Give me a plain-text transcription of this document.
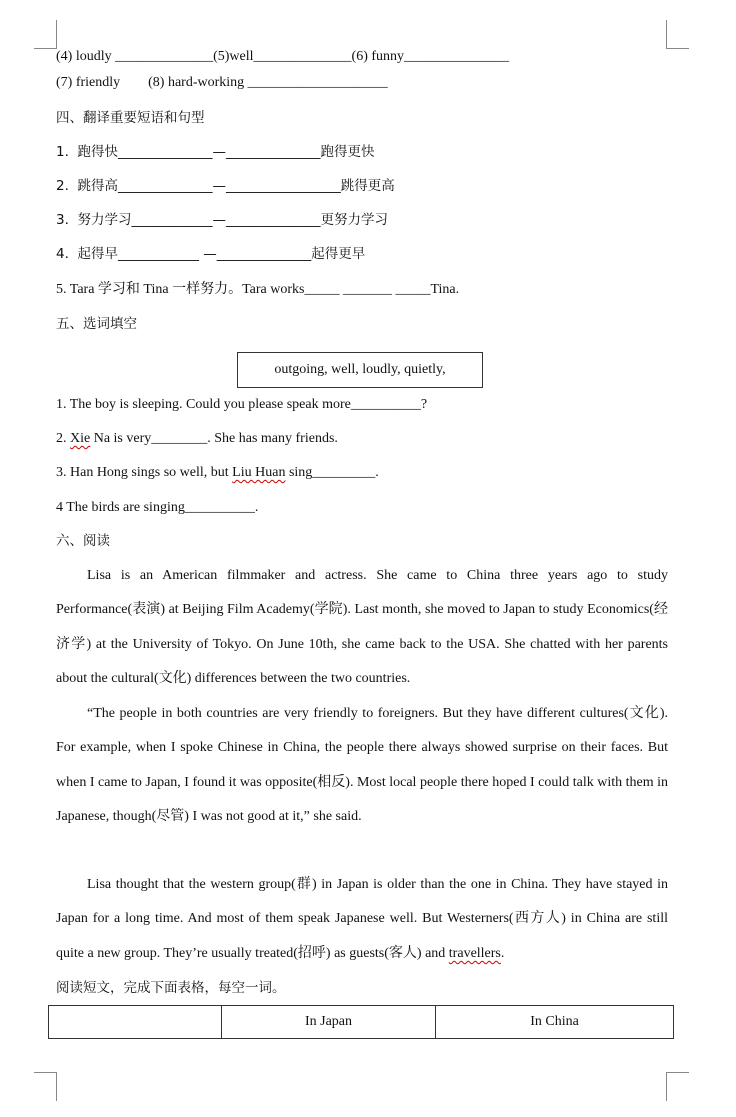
(4) loudly ______________(5)well______________(6) funny_______________
(7) friendly        (8) hard-working ____________________
四、翻译重要短语和句型
1.  跑得快______________—______________跑得更快
2.  跳得高______________—_________________跳得更高
3.  努力学习____________—______________更努力学习
4.  起得早____________ —______________起得更早
5. Tara 学习和 Tina 一样努力。Tara works_____ _______ _____Tina.
五、选词填空
outgoing, well, loudly, quietly,
1. The boy is sleeping. Could you please speak more__________?
2. Xie Na is very________. She has many friends.
3. Han Hong sings so well, but Liu Huan sing_________.
4 The birds are singing__________.
六、阅读
Lisa is an American filmmaker and actress. She came to China three years ago to study Performance(表演) at Beijing Film Academy(学院). Last month, she moved to Japan to study Economics(经济学) at the University of Tokyo. On June 10th, she came back to the USA. She chatted with her parents about the cultural(文化) differences between the two countries.
“The people in both countries are very friendly to foreigners. But they have different cultures(文化). For example, when I spoke Chinese in China, the people there always showed surprise on their faces. But when I came to Japan, I found it was opposite(相反). Most local people there hoped I could talk with them in Japanese, though(尽管) I was not good at it,” she said.
Lisa thought that the western group(群) in Japan is older than the one in China. They have stayed in Japan for a long time. And most of them speak Japanese well. But Westerners(西方人) in China are still quite a new group. They’re usually treated(招呼) as guests(客人) and travellers.
阅读短文，完成下面表格，每空一词。
	In Japan	In China
